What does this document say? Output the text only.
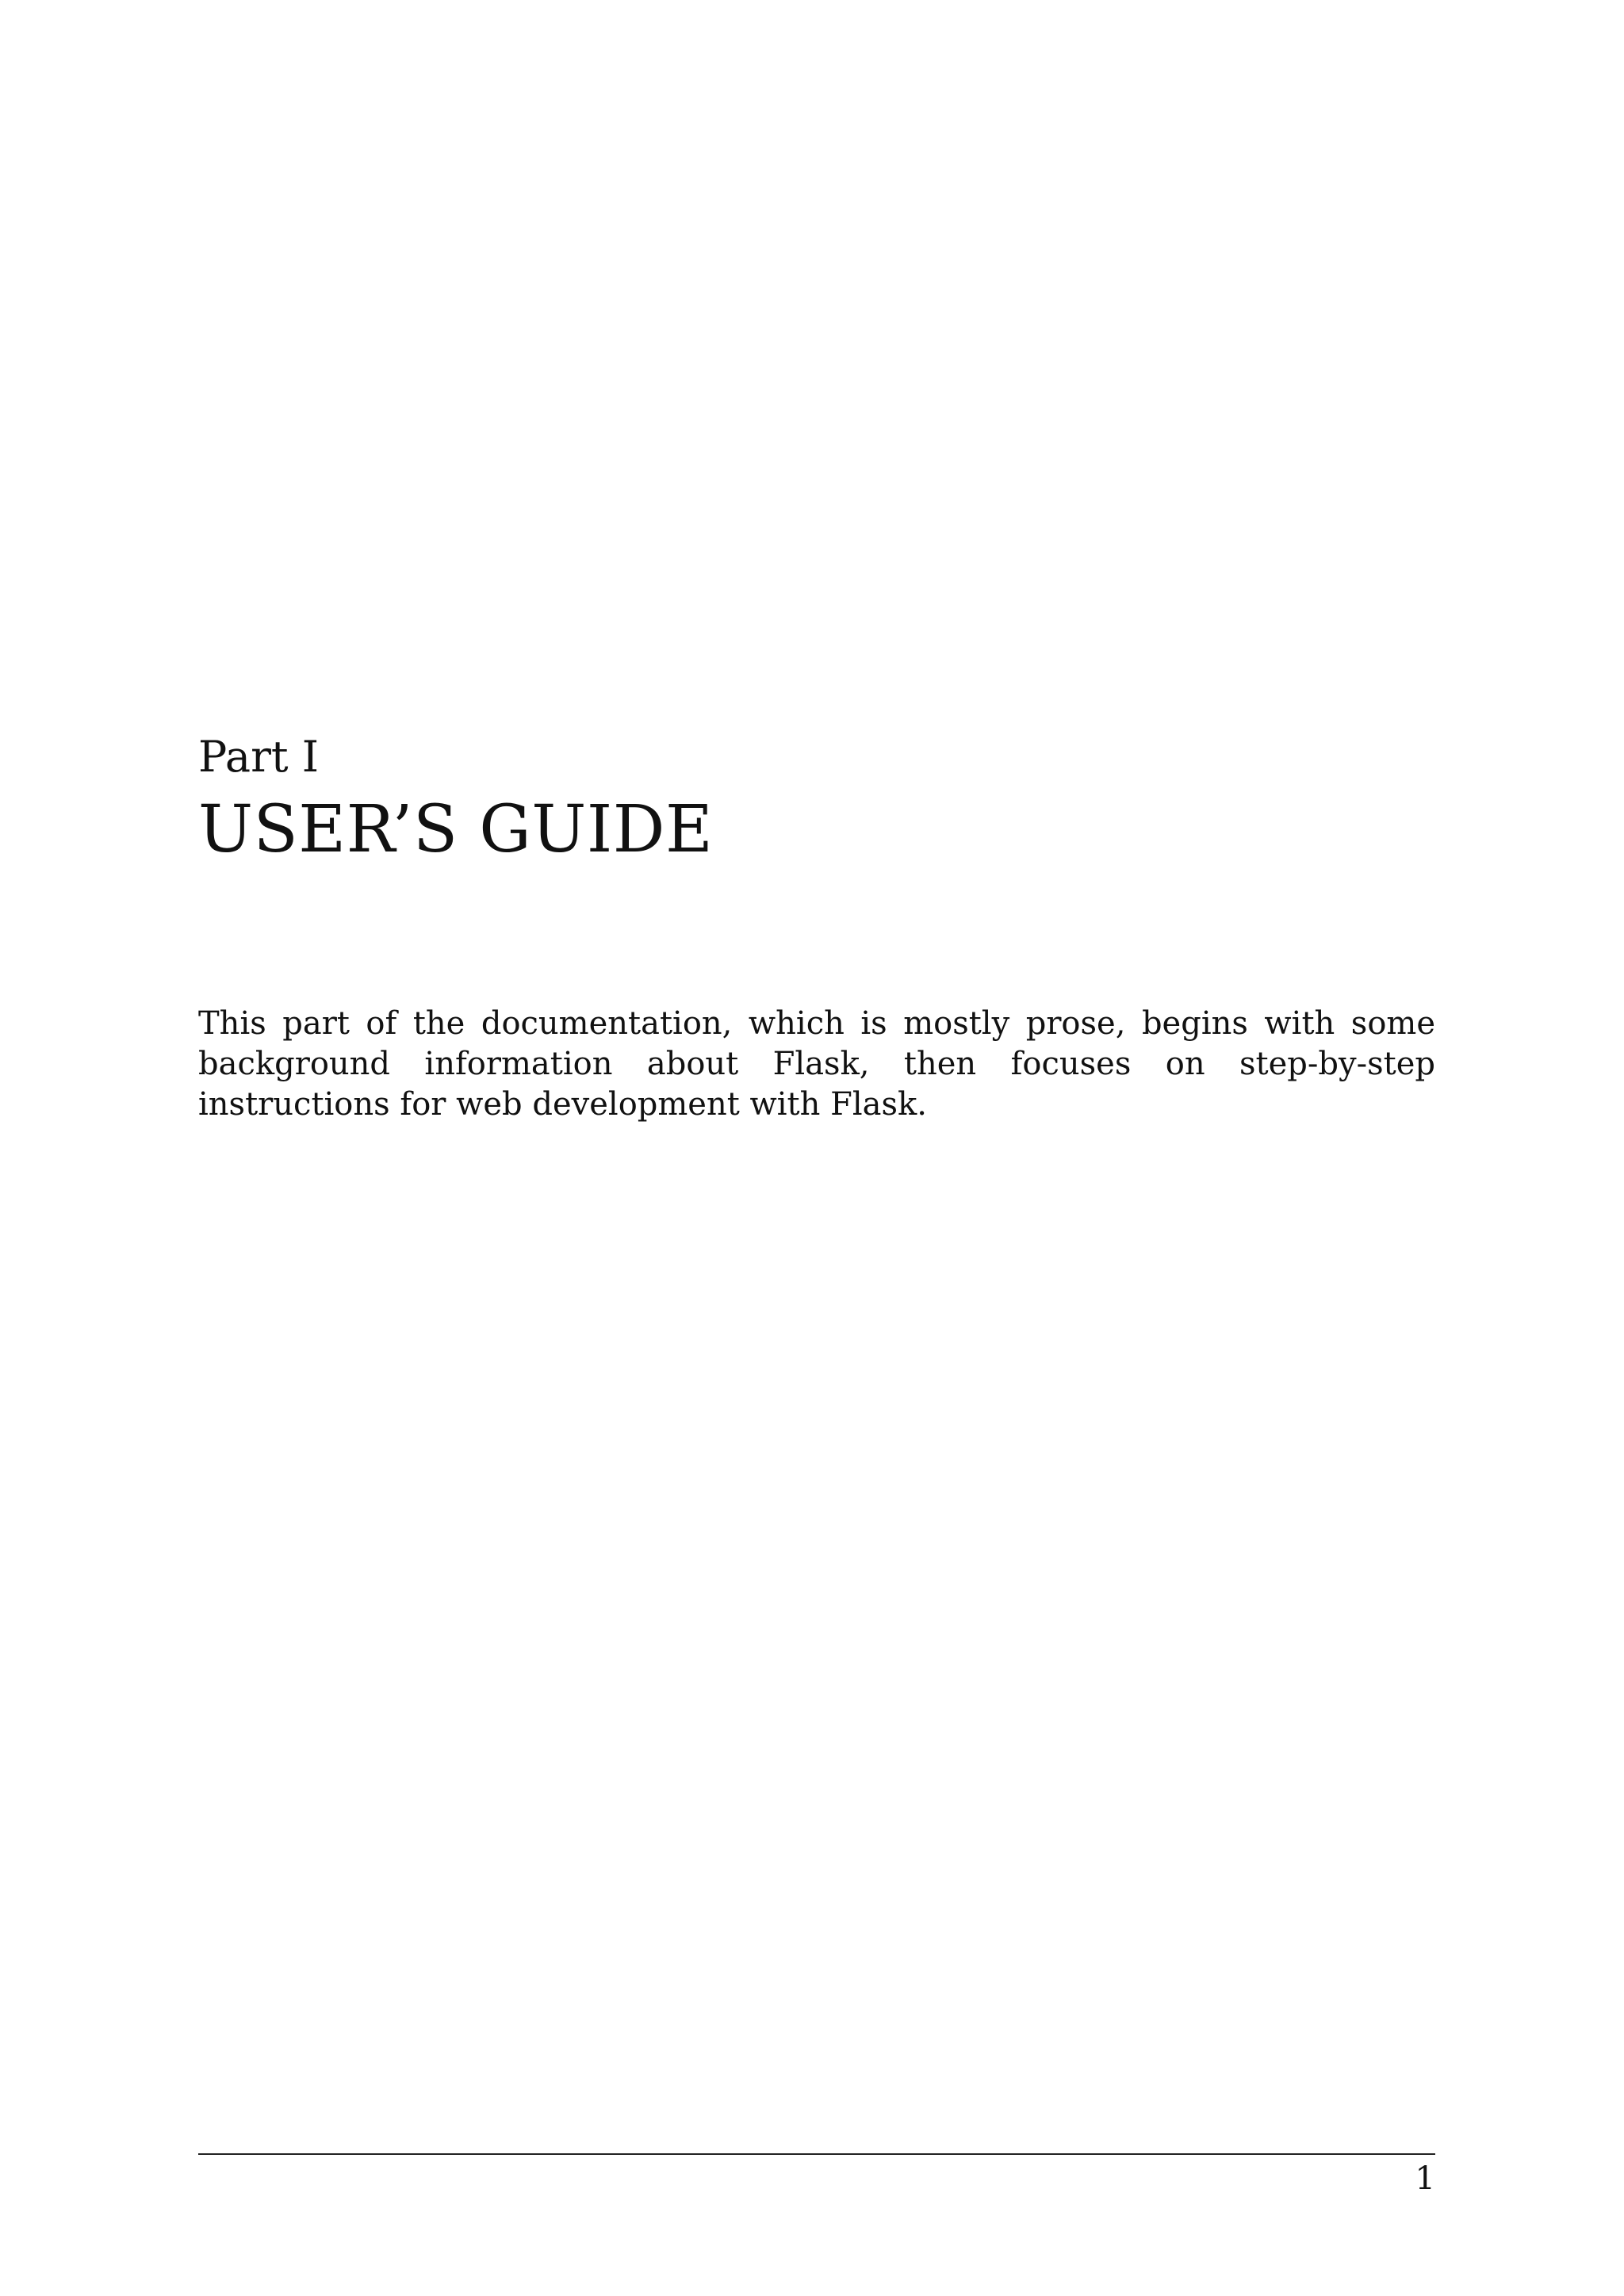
Part I
USER’S GUIDE

This part of the documentation, which is mostly prose, begins with some background information about Flask, then focuses on step-by-step instructions for web development with Flask.

1
